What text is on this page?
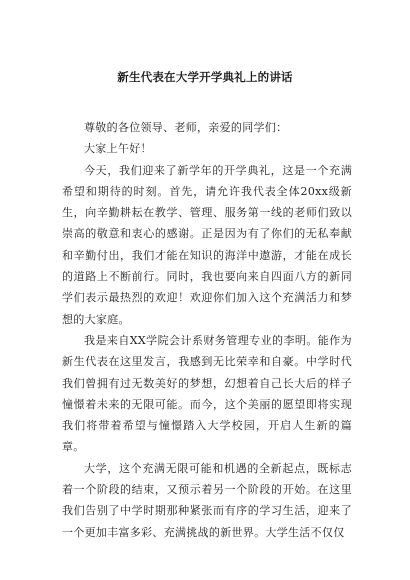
新生代表在大学开学典礼上的讲话

尊敬的各位领导、老师，亲爱的同学们：

大家上午好！

今天，我们迎来了新学年的开学典礼，这是一个充满希望和期待的时刻。首先，请允许我代表全体20xx级新生，向辛勤耕耘在教学、管理、服务第一线的老师们致以崇高的敬意和衷心的感谢。正是因为有了你们的无私奉献和辛勤付出，我们才能在知识的海洋中遨游，才能在成长的道路上不断前行。同时，我也要向来自四面八方的新同学们表示最热烈的欢迎！欢迎你们加入这个充满活力和梦想的大家庭。

我是来自XX学院会计系财务管理专业的李明。能作为新生代表在这里发言，我感到无比荣幸和自豪。中学时代我们曾拥有过无数美好的梦想，幻想着自己长大后的样子憧憬着未来的无限可能。而今，这个美丽的愿望即将实现我们将带着希望与憧憬踏入大学校园，开启人生新的篇章。

大学，这个充满无限可能和机遇的全新起点，既标志着一个阶段的结束，又预示着另一个阶段的开始。在这里我们告别了中学时期那种紧张而有序的学习生活，迎来了一个更加丰富多彩、充满挑战的新世界。大学生活不仅仅
